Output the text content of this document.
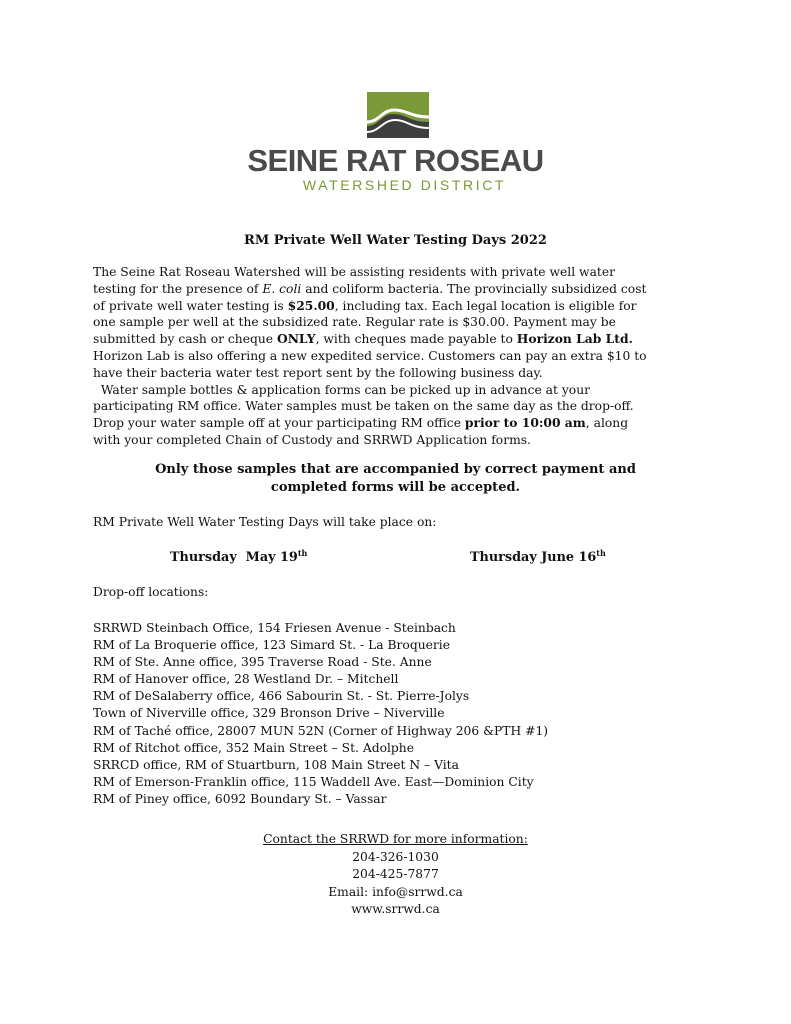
SEINE RAT ROSEAU
WATERSHED DISTRICT
RM Private Well Water Testing Days 2022
The Seine Rat Roseau Watershed will be assisting residents with private well water
testing for the presence of E. coli and coliform bacteria. The provincially subsidized cost
of private well water testing is $25.00, including tax. Each legal location is eligible for
one sample per well at the subsidized rate. Regular rate is $30.00. Payment may be
submitted by cash or cheque ONLY, with cheques made payable to Horizon Lab Ltd.
Horizon Lab is also offering a new expedited service. Customers can pay an extra $10 to
have their bacteria water test report sent by the following business day.
Water sample bottles & application forms can be picked up in advance at your
participating RM office. Water samples must be taken on the same day as the drop-off.
Drop your water sample off at your participating RM office prior to 10:00 am, along
with your completed Chain of Custody and SRRWD Application forms.
Only those samples that are accompanied by correct payment and
completed forms will be accepted.
RM Private Well Water Testing Days will take place on:
Thursday  May 19th	Thursday June 16th
Drop-off locations:
SRRWD Steinbach Office, 154 Friesen Avenue - Steinbach
RM of La Broquerie office, 123 Simard St. - La Broquerie
RM of Ste. Anne office, 395 Traverse Road - Ste. Anne
RM of Hanover office, 28 Westland Dr. – Mitchell
RM of DeSalaberry office, 466 Sabourin St. - St. Pierre-Jolys
Town of Niverville office, 329 Bronson Drive – Niverville
RM of Taché office, 28007 MUN 52N (Corner of Highway 206 &PTH #1)
RM of Ritchot office, 352 Main Street – St. Adolphe
SRRCD office, RM of Stuartburn, 108 Main Street N – Vita
RM of Emerson-Franklin office, 115 Waddell Ave. East—Dominion City
RM of Piney office, 6092 Boundary St. – Vassar
Contact the SRRWD for more information:
204-326-1030
204-425-7877
Email: info@srrwd.ca
www.srrwd.ca
